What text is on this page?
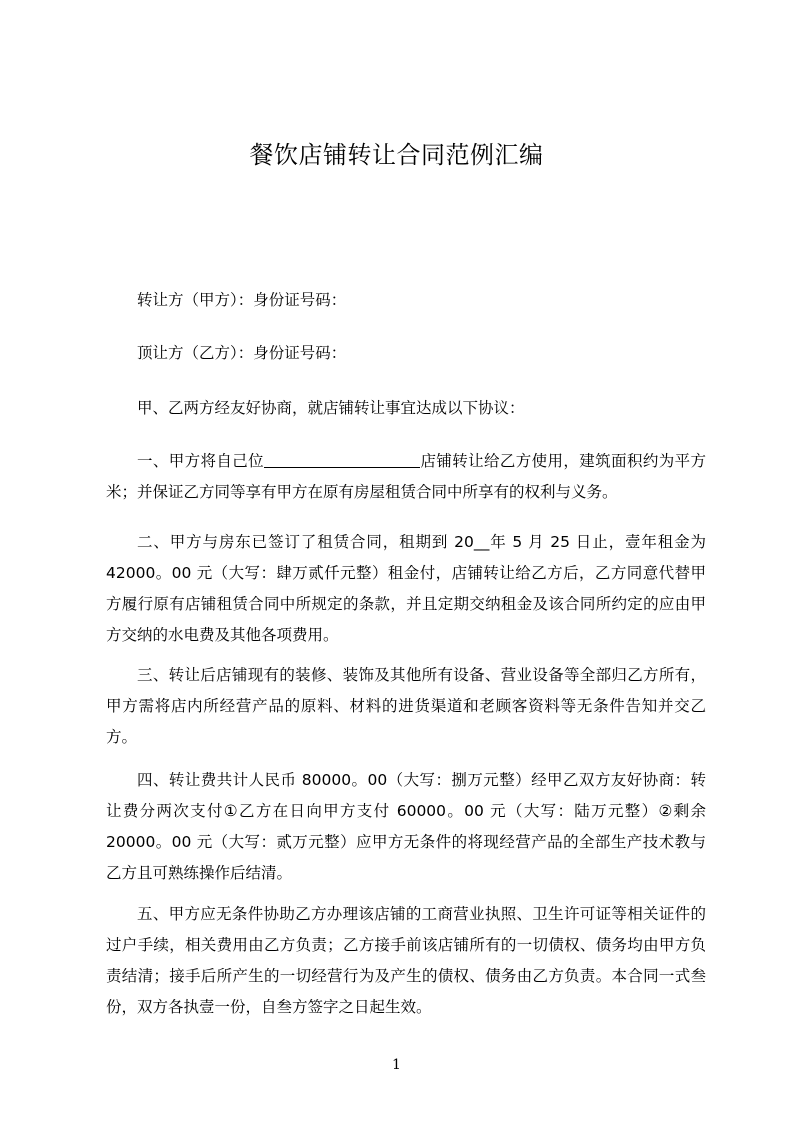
餐饮店铺转让合同范例汇编
转让方（甲方）：身份证号码：
顶让方（乙方）：身份证号码：
甲、乙两方经友好协商，就店铺转让事宜达成以下协议：
一、甲方将自己位	店铺转让给乙方使用，建筑面积约为平方米；并保证乙方同等享有甲方在原有房屋租赁合同中所享有的权利与义务。
二、甲方与房东已签订了租赁合同，租期到 20__年 5 月 25 日止，壹年租金为 42000。00 元（大写：肆万贰仟元整）租金付，店铺转让给乙方后，乙方同意代替甲方履行原有店铺租赁合同中所规定的条款，并且定期交纳租金及该合同所约定的应由甲方交纳的水电费及其他各项费用。
三、转让后店铺现有的装修、装饰及其他所有设备、营业设备等全部归乙方所有，甲方需将店内所经营产品的原料、材料的进货渠道和老顾客资料等无条件告知并交乙方。
四、转让费共计人民币 80000。00（大写：捌万元整）经甲乙双方友好协商：转让费分两次支付①乙方在日向甲方支付 60000。00 元（大写：陆万元整）②剩余 20000。00 元（大写：贰万元整）应甲方无条件的将现经营产品的全部生产技术教与乙方且可熟练操作后结清。
五、甲方应无条件协助乙方办理该店铺的工商营业执照、卫生许可证等相关证件的过户手续，相关费用由乙方负责；乙方接手前该店铺所有的一切债权、债务均由甲方负责结清；接手后所产生的一切经营行为及产生的债权、债务由乙方负责。本合同一式叁份，双方各执壹一份，自叁方签字之日起生效。
1
